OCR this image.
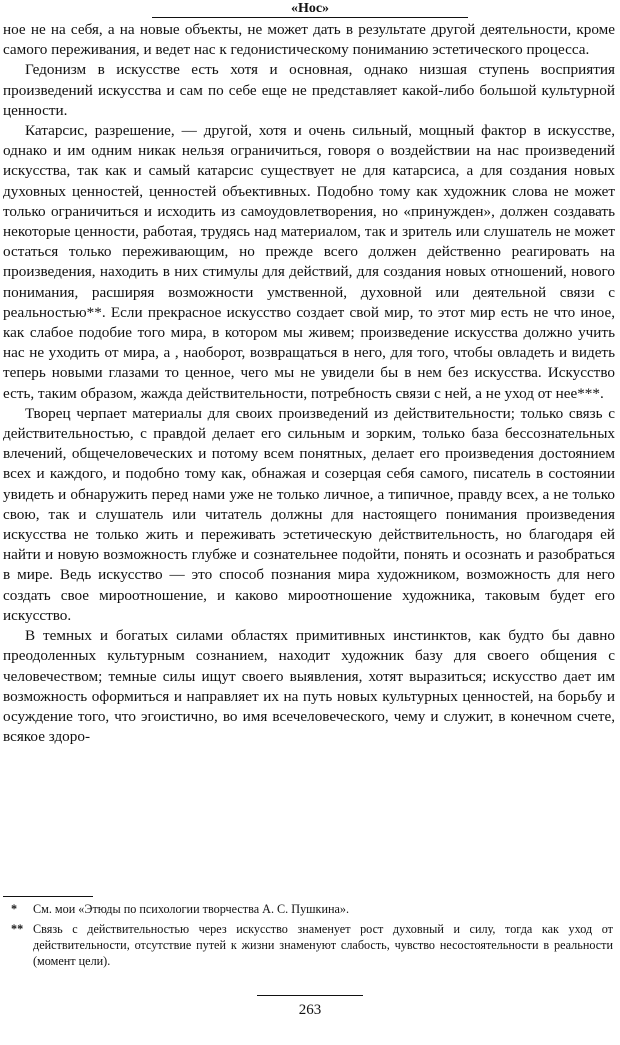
«Нос»

ное не на себя, а на новые объекты, не может дать в результате другой деятельности, кроме самого переживания, и ведет нас к гедонистическому пониманию эстетического процесса.

Гедонизм в искусстве есть хотя и основная, однако низшая ступень восприятия произведений искусства и сам по себе еще не представляет какой-либо большой культурной ценности.

Катарсис, разрешение, — другой, хотя и очень сильный, мощный фактор в искусстве, однако и им одним никак нельзя ограничиться, говоря о воздействии на нас произведений искусства, так как и самый катарсис существует не для катарсиса, а для создания новых духовных ценностей, ценностей объективных. Подобно тому как художник слова не может только ограничиться и исходить из самоудовлетворения, но «принужден», должен создавать некоторые ценности, работая, трудясь над материалом, так и зритель или слушатель не может остаться только переживающим, но прежде всего должен действенно реагировать на произведения, находить в них стимулы для действий, для создания новых отношений, нового понимания, расширяя возможности умственной, духовной или деятельной связи с реальностью**. Если прекрасное искусство создает свой мир, то этот мир есть не что иное, как слабое подобие того мира, в котором мы живем; произведение искусства должно учить нас не уходить от мира, а , наоборот, возвращаться в него, для того, чтобы овладеть и видеть теперь новыми глазами то ценное, чего мы не увидели бы в нем без искусства. Искусство есть, таким образом, жажда действительности, потребность связи с ней, а не уход от нее***.

Творец черпает материалы для своих произведений из действительности; только связь с действительностью, с правдой делает его сильным и зорким, только база бессознательных влечений, общечеловеческих и потому всем понятных, делает его произведения достоянием всех и каждого, и подобно тому как, обнажая и созерцая себя самого, писатель в состоянии увидеть и обнаружить перед нами уже не только личное, а типичное, правду всех, а не только свою, так и слушатель или читатель должны для настоящего понимания произведения искусства не только жить и переживать эстетическую действительность, но благодаря ей найти и новую возможность глубже и сознательнее подойти, понять и осознать и разобраться в мире. Ведь искусство — это способ познания мира художником, возможность для него создать свое мироотношение, и каково мироотношение художника, таковым будет его искусство.

В темных и богатых силами областях примитивных инстинктов, как будто бы давно преодоленных культурным сознанием, находит художник базу для своего общения с человечеством; темные силы ищут своего выявления, хотят выразиться; искусство дает им возможность оформиться и направляет их на путь новых культурных ценностей, на борьбу и осуждение того, что эгоистично, во имя всечеловеческого, чему и служит, в конечном счете, всякое здоро-

* См. мои «Этюды по психологии творчества А. С. Пушкина».
** Связь с действительностью через искусство знаменует рост духовный и силу, тогда как уход от действительности, отсутствие путей к жизни знаменуют слабость, чувство несостоятельности в реальности (момент цели).
263
